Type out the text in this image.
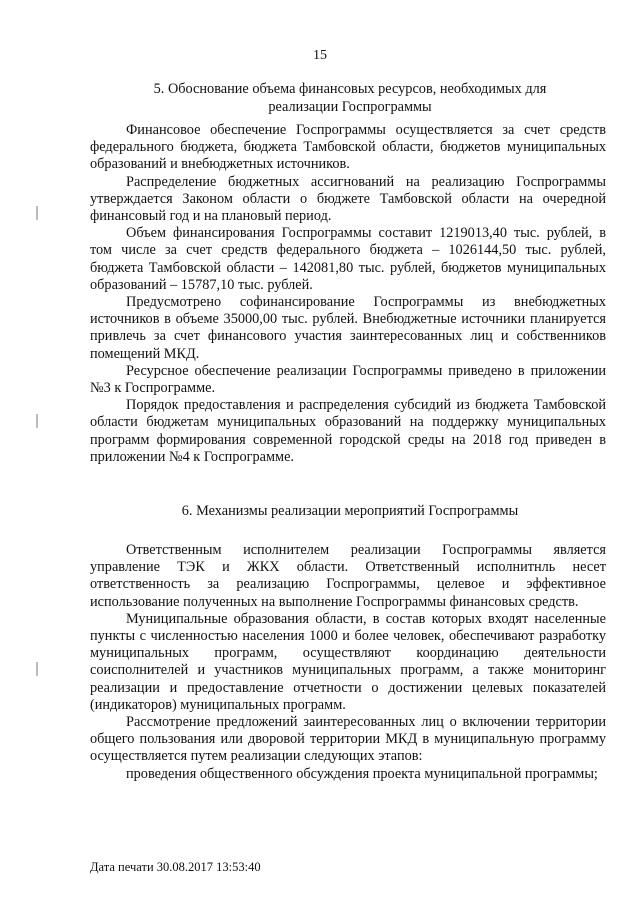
15
5. Обоснование объема финансовых ресурсов, необходимых для
реализации Госпрограммы

Финансовое обеспечение Госпрограммы осуществляется за счет средств федерального бюджета, бюджета Тамбовской области, бюджетов муниципальных образований и внебюджетных источников.

Распределение бюджетных ассигнований на реализацию Госпрограммы утверждается Законом области о бюджете Тамбовской области на очередной финансовый год и на плановый период.

Объем финансирования Госпрограммы составит 1219013,40 тыс. рублей, в том числе за счет средств федерального бюджета – 1026144,50 тыс. рублей, бюджета Тамбовской области – 142081,80 тыс. рублей, бюджетов муниципальных образований – 15787,10 тыс. рублей.

Предусмотрено софинансирование Госпрограммы из внебюджетных источников в объеме 35000,00 тыс. рублей. Внебюджетные источники планируется привлечь за счет финансового участия заинтересованных лиц и собственников помещений МКД.

Ресурсное обеспечение реализации Госпрограммы приведено в приложении №3 к Госпрограмме.

Порядок предоставления и распределения субсидий из бюджета Тамбовской области бюджетам муниципальных образований на поддержку муниципальных программ формирования современной городской среды на 2018 год приведен в приложении №4 к Госпрограмме.

6. Механизмы реализации мероприятий Госпрограммы

Ответственным исполнителем реализации Госпрограммы является управление ТЭК и ЖКХ области. Ответственный исполнитнль несет ответственность за реализацию Госпрограммы, целевое и эффективное использование полученных на выполнение Госпрограммы финансовых средств.

Муниципальные образования области, в состав которых входят населенные пункты с численностью населения 1000 и более человек, обеспечивают разработку муниципальных программ, осуществляют координацию деятельности соисполнителей и участников муниципальных программ, а также мониторинг реализации и предоставление отчетности о достижении целевых показателей (индикаторов) муниципальных программ.

Рассмотрение предложений заинтересованных лиц о включении территории общего пользования или дворовой территории МКД в муниципальную программу осуществляется путем реализации следующих этапов:

проведения общественного обсуждения проекта муниципальной программы;

Дата печати 30.08.2017 13:53:40
